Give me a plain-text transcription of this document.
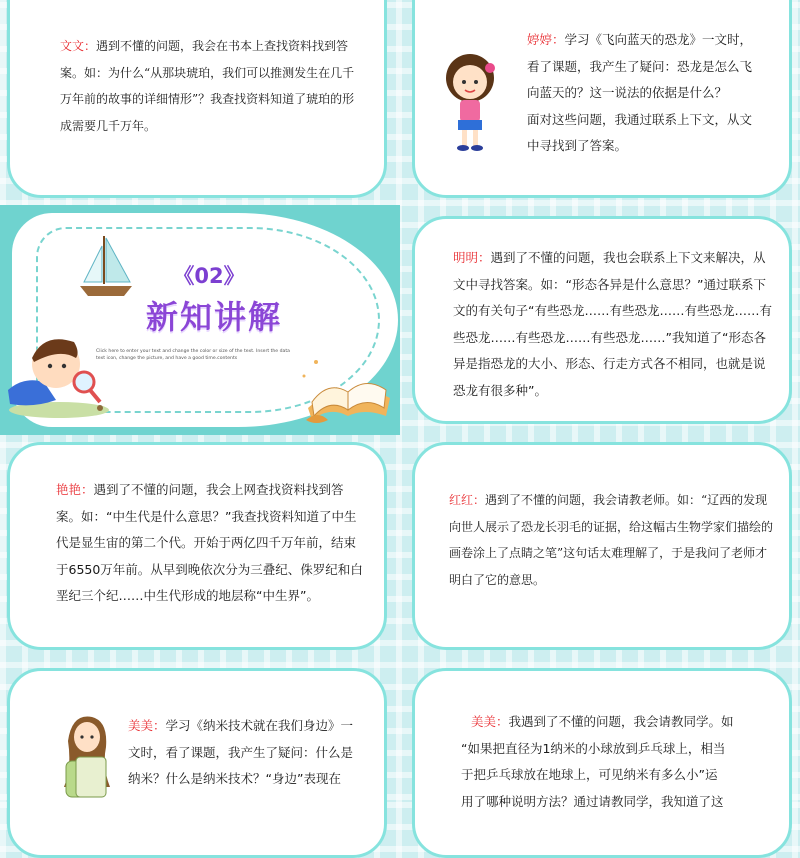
文文：遇到不懂的问题，我会在书本上查找资料找到答案。如：为什么“从那块琥珀，我们可以推测发生在几千万年前的故事的详细情形”？我查找资料知道了琥珀的形成需要几千万年。
婷婷：学习《飞向蓝天的恐龙》一文时，
看了课题，我产生了疑问：恐龙是怎么飞
向蓝天的？这一说法的依据是什么？
面对这些问题，我通过联系上下文，从文
中寻找到了答案。
《02》
新知讲解
Click here to enter your text and change the color or size of the text. Insert the data text icon, change the picture, and have a good time.contents
明明：遇到了不懂的问题，我也会联系上下文来解决，从文中寻找答案。如：“形态各异是什么意思？”通过联系下文的有关句子“有些恐龙……有些恐龙……有些恐龙……有些恐龙……有些恐龙……有些恐龙……”我知道了“形态各异是指恐龙的大小、形态、行走方式各不相同，也就是说恐龙有很多种”。
艳艳：遇到了不懂的问题，我会上网查找资料找到答案。如：“中生代是什么意思？”我查找资料知道了中生代是显生宙的第二个代。开始于两亿四千万年前，结束于6550万年前。从早到晚依次分为三叠纪、侏罗纪和白垩纪三个纪……中生代形成的地层称“中生界”。
红红：遇到了不懂的问题，我会请教老师。如：“辽西的发现向世人展示了恐龙长羽毛的证据，给这幅古生物学家们描绘的画卷涂上了点睛之笔”这句话太难理解了，于是我问了老师才明白了它的意思。
美美：学习《纳米技术就在我们身边》一
文时，看了课题，我产生了疑问：什么是
纳米？什么是纳米技术？“身边”表现在
美美：我遇到了不懂的问题，我会请教同学。如
“如果把直径为1纳米的小球放到乒乓球上，相当
于把乒乓球放在地球上，可见纳米有多么小”运
用了哪种说明方法？通过请教同学，我知道了这
